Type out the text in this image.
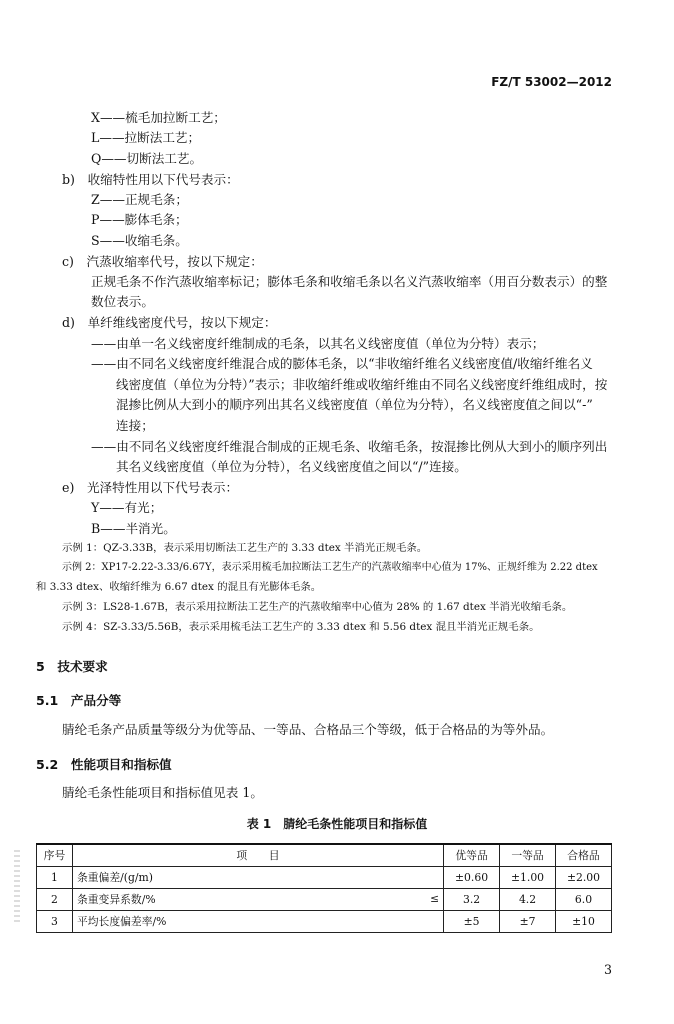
FZ/T 53002—2012
X——梳毛加拉断工艺；
L——拉断法工艺；
Q——切断法工艺。
b)　收缩特性用以下代号表示：
Z——正规毛条；
P——膨体毛条；
S——收缩毛条。
c)　汽蒸收缩率代号，按以下规定：
正规毛条不作汽蒸收缩率标记；膨体毛条和收缩毛条以名义汽蒸收缩率（用百分数表示）的整
数位表示。
d)　单纤维线密度代号，按以下规定：
——由单一名义线密度纤维制成的毛条，以其名义线密度值（单位为分特）表示；
——由不同名义线密度纤维混合成的膨体毛条，以“非收缩纤维名义线密度值/收缩纤维名义
线密度值（单位为分特）”表示；非收缩纤维或收缩纤维由不同名义线密度纤维组成时，按
混掺比例从大到小的顺序列出其名义线密度值（单位为分特），名义线密度值之间以“-”
连接；
——由不同名义线密度纤维混合制成的正规毛条、收缩毛条，按混掺比例从大到小的顺序列出
其名义线密度值（单位为分特），名义线密度值之间以“/”连接。
e)　光泽特性用以下代号表示：
Y——有光；
B——半消光。
示例 1：QZ-3.33B，表示采用切断法工艺生产的 3.33 dtex 半消光正规毛条。
示例 2：XP17-2.22-3.33/6.67Y，表示采用梳毛加拉断法工艺生产的汽蒸收缩率中心值为 17%、正规纤维为 2.22 dtex
和 3.33 dtex、收缩纤维为 6.67 dtex 的混且有光膨体毛条。
示例 3：LS28-1.67B，表示采用拉断法工艺生产的汽蒸收缩率中心值为 28% 的 1.67 dtex 半消光收缩毛条。
示例 4：SZ-3.33/5.56B，表示采用梳毛法工艺生产的 3.33 dtex 和 5.56 dtex 混且半消光正规毛条。
5　技术要求
5.1　产品分等
腈纶毛条产品质量等级分为优等品、一等品、合格品三个等级，低于合格品的为等外品。
5.2　性能项目和指标值
腈纶毛条性能项目和指标值见表 1。
表 1　腈纶毛条性能项目和指标值
序号	项　　目	优等品	一等品	合格品
1	条重偏差/(g/m)	±0.60	±1.00	±2.00
2	条重变异系数/% ≤	3.2	4.2	6.0
3	平均长度偏差率/%	±5	±7	±10
3
